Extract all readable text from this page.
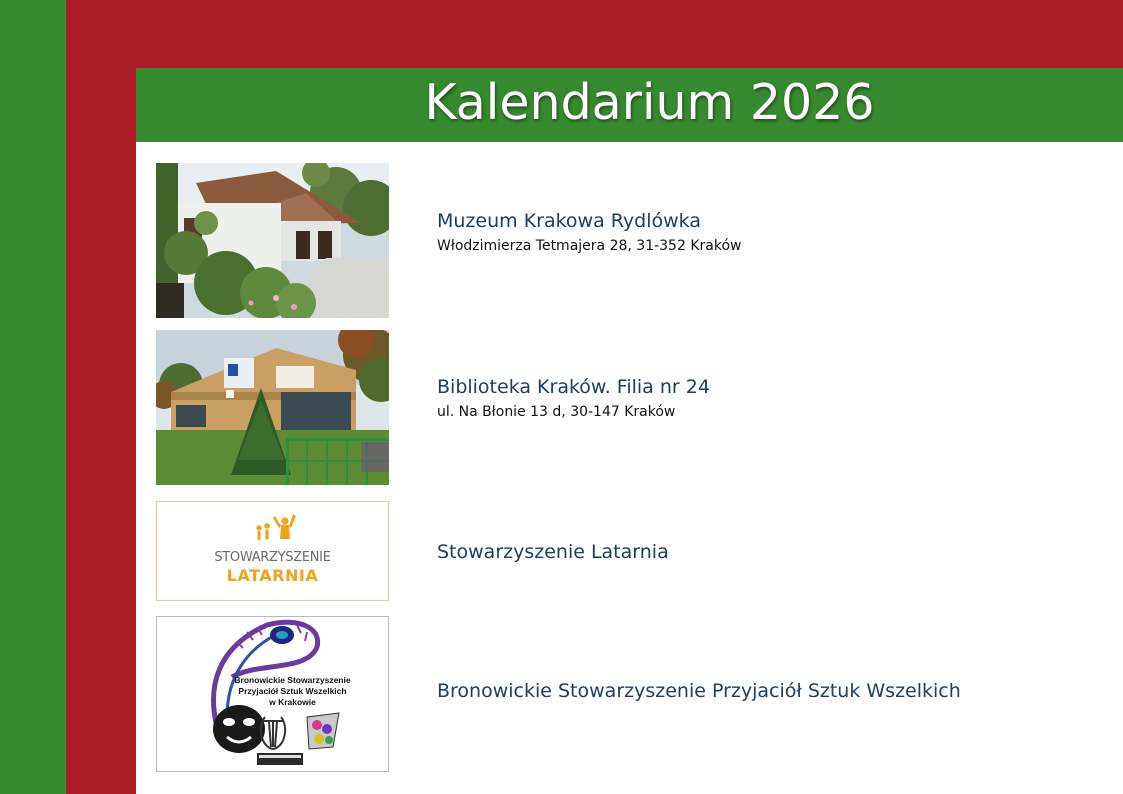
Kalendarium 2026
Muzeum Krakowa Rydlówka
Włodzimierza Tetmajera 28, 31-352 Kraków
Biblioteka Kraków. Filia nr 24
ul. Na Błonie 13 d, 30-147 Kraków
STOWARZYSZENIE
LATARNIA
Stowarzyszenie Latarnia
Bronowickie Stowarzyszenie
Przyjaciół Sztuk Wszelkich
w Krakowie	Bronowickie Stowarzyszenie Przyjaciół Sztuk Wszelkich
